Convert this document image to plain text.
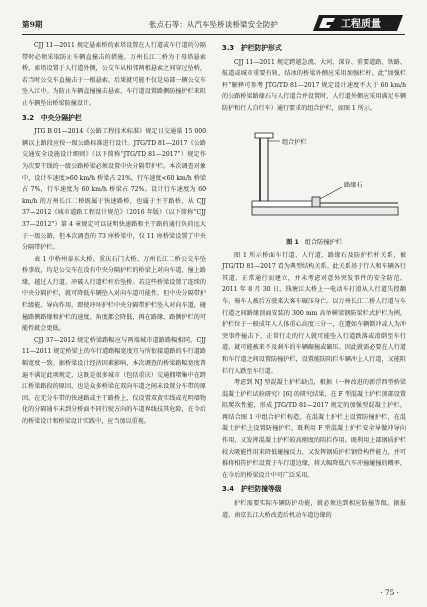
第9期	张点石等：从汽车坠桥谈桥梁安全防护	工程质量

CJJ 11—2011 规定悬索桥的索塔设置在人行道或车行道的分隔带时必须采取防止车辆直撞击的措施。万州长江二桥为于母塔悬索桥，索塔设置于人行道外侧，公交车从相邻两根悬索之间穿过坠桥，若当时公交车直撞击于一根悬索，后果就可能不仅是局部一辆公交车坠入江中。为防止车辆直撞撞击悬索，车行道设置路侧防撞护栏来阻止车辆坠出桥梁防撞设计。

3.2　中央分隔护栏

JTG B 01—2014《公路工程技术标准》规定日交通量 15 000 辆以上路段应按一级公路标准进行设计。JTG/TD 81—2017《公路交通安全设施设计细则》（以下简称“JTG/TD 81—2017”）规定作为次要干线的一级公路桥梁必须设置中央分隔带护栏。本次调查对象中，设计车速度>60 km/h 桥梁占 21%，行车速度<60 km/h 桥梁占 7%，行车速度为 60 km/h 桥梁占 72%。设计行车速度为 60 km/h 的万州长江二桥既属于快速路桥，也属于主干路桥，从 CJJ 37—2012《城市道路工程设计规范》（2016 年版）（以下简称“CJJ 37—2012”）第 4 章规定可以证明快速路和主干路的通行负荷远大于一级公路，但本次调查的 73 座桥梁中，仅 11 座桥梁设置了中央分隔带护栏。

表 1 中桥州泰东大桥、重庆石门大桥、万州长江二桥公交车坠桥事故，均是公交车在没有中央分隔护栏的桥梁上对向车道，撞上路缘，越过人行道，冲破人行道栏杆后坠桥。若这些桥梁设置了连续的中央分隔护栏，就可降低车辆坠入对向车道可能性，但中央分隔带护栏级能、导向作用，即使冲坏护栏中央分隔带护栏坠入对向车道，碰撞路侧路缘和护栏的速度、角度都会降低，再在路缘、路侧护栏的可能性就会更低。

CJJ 37—2012 规定桥梁路幅应与两端城市道路路幅相同，CJJ 11—2011 规定桥梁上的车行道路幅宽度宜与所衔接道路的车行道路幅宽度一致。据桥梁设计经济因素影响，本次调查的桥梁路幅宽度普遍不满足此项规定，这既是很多城市（包括重庆）交通拥堵集中在跨江桥梁路段的原因，也是众多桥梁在双向车道之间未设置分车带的原因。在无分车带的快速路或主干路桥上，仅设置双黄实线或光明墙物化的分隔通车未到分桥面不同行驶方向的车道界线技其危险，在今后的桥梁设计和桥梁设计实践中，应当加以重视。

3.3　护栏防护形式

CJJ 11—2011 规定跨越急流、大河、深谷、重要道路、铁路、航道或城市重要有轨、结冰的桥梁外侧应采用加强栏杆。此“加强栏杆”解释可参考 JTG/TD 81—2017 规定设计速度不大于 60 km/h 的公路桥梁路缘石与人行道合并设置时，人行道外侧应采用满足车辆防护和行人自行车）通行要求的组合护栏，如图 1 所示。

组合护栏
路缘石
图 1 组合防撞护栏

图 1 所示桥面车行道、人行道、路缘石及防护栏杆关系，被 JTG/TD 81—2017 看为典型结构关系。此关系基于行人和车辆各行其道、正常通行而建立，并未考虑对意外突发事件的安全防范。2011 年 8 月 30 日，钱塘江大桥上一电动车打滑从人行道失控翻车，骑车人被后方驶来大客车碾压身亡。以万州长江二桥人行道与车行道之间路缘顶面安装的 300 mm 高单横梁钢防梁栏式护栏为例，护栏位于一般成年人人体重心高度三分一，在遭如车辆倒冲或人为冲突事件撞击下，正常行走的行人就可能坠入行道跌落或滑倒至车行道，就可能被来不及刹车的车辆碾撞或碾压。因此就需必要在人行道和车行道之间设置防撞护栏，设置能防阻拦车辆冲上人行道，又能阻拦行人跌至车行道。

考虑到 NJ 型混凝土护栏缺点，根据（一种改进的新浮西型桥梁混凝土护栏试验研究）[6] 的研究结果，在 F 型混凝土护栏顶部设置阻爬坎性能，形成 JTG/TD 81—2017 规定的加强型混凝土护栏，再结合图 1 中组合护栏构造，在混凝土护栏上设置防撞护栏，在混凝土护栏上设置防撞护栏，既利用 F 型混凝土护栏安全导做冲导向作用，又发挥混凝土护栏较高刚度的阻拦作用。既利用上部钢质护栏较大吸能性用来降低碰撞反力，又发挥钢质护栏钢骨构件能力，并可推将相符护栏设置于车行道边缘，将大幅降低汽车冲撞碰撞的概率，在今后的桥梁设计中可广泛采用。

3.4　护栏防撞等级

护栏需要实际车辆防护功能，就必须达到相应防撞等级。据报道，南京长江大桥改造后机动车道边缘的

· 75 ·
